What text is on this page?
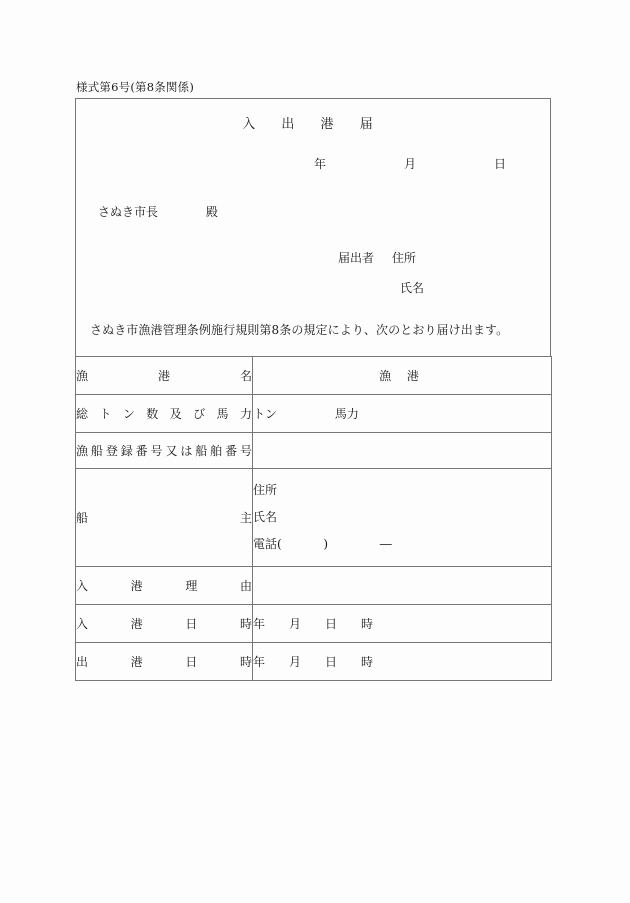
様式第6号(第8条関係)
入 出 港 届
年　　月　　日
さぬき市長	殿
届出者 住所
氏名
さぬき市漁港管理条例施行規則第8条の規定により、次のとおり届け出ます。
漁港名	漁 港

総トン数及び馬力	トン 馬力

漁船登録番号又は船舶番号	

船主	住所
氏名
電話( ) ―

入港理由	

入港日時	年　　月　　日　　時

出港日時	年　　月　　日　　時
